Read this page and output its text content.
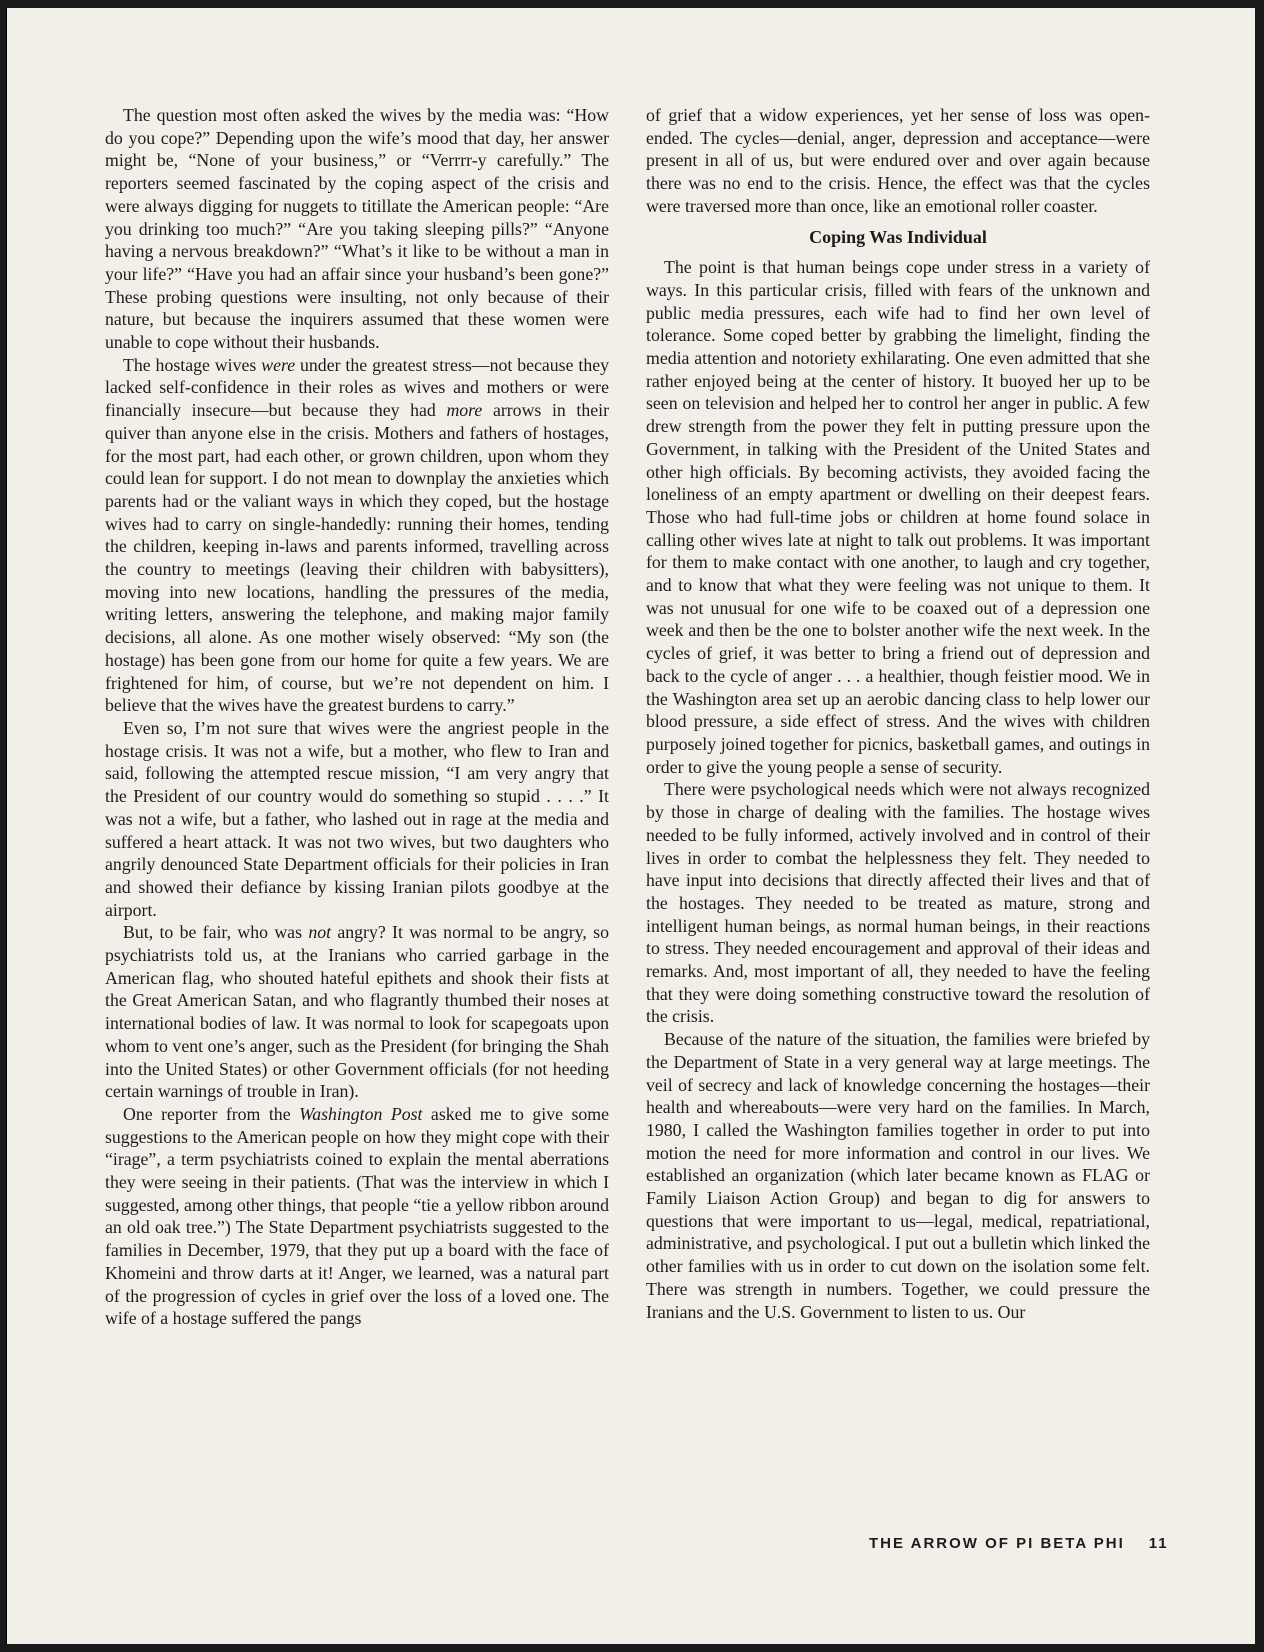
The question most often asked the wives by the media was: “How do you cope?” Depending upon the wife’s mood that day, her answer might be, “None of your business,” or “Verrrr-y carefully.” The reporters seemed fascinated by the coping aspect of the crisis and were always digging for nuggets to titillate the American people: “Are you drinking too much?” “Are you taking sleeping pills?” “Anyone having a nervous breakdown?” “What’s it like to be without a man in your life?” “Have you had an affair since your husband’s been gone?” These probing questions were insulting, not only because of their nature, but because the inquirers assumed that these women were unable to cope without their husbands.

The hostage wives were under the greatest stress—not because they lacked self-confidence in their roles as wives and mothers or were financially insecure—but because they had more arrows in their quiver than anyone else in the crisis. Mothers and fathers of hostages, for the most part, had each other, or grown children, upon whom they could lean for support. I do not mean to downplay the anxieties which parents had or the valiant ways in which they coped, but the hostage wives had to carry on single-handedly: running their homes, tending the children, keeping in-laws and parents informed, travelling across the country to meetings (leaving their children with babysitters), moving into new locations, handling the pressures of the media, writing letters, answering the telephone, and making major family decisions, all alone. As one mother wisely observed: “My son (the hostage) has been gone from our home for quite a few years. We are frightened for him, of course, but we’re not dependent on him. I believe that the wives have the greatest burdens to carry.”

Even so, I’m not sure that wives were the angriest people in the hostage crisis. It was not a wife, but a mother, who flew to Iran and said, following the attempted rescue mission, “I am very angry that the President of our country would do something so stupid . . . .” It was not a wife, but a father, who lashed out in rage at the media and suffered a heart attack. It was not two wives, but two daughters who angrily denounced State Department officials for their policies in Iran and showed their defiance by kissing Iranian pilots goodbye at the airport.

But, to be fair, who was not angry? It was normal to be angry, so psychiatrists told us, at the Iranians who carried garbage in the American flag, who shouted hateful epithets and shook their fists at the Great American Satan, and who flagrantly thumbed their noses at international bodies of law. It was normal to look for scapegoats upon whom to vent one’s anger, such as the President (for bringing the Shah into the United States) or other Government officials (for not heeding certain warnings of trouble in Iran).

One reporter from the Washington Post asked me to give some suggestions to the American people on how they might cope with their “irage”, a term psychiatrists coined to explain the mental aberrations they were seeing in their patients. (That was the interview in which I suggested, among other things, that people “tie a yellow ribbon around an old oak tree.”) The State Department psychiatrists suggested to the families in December, 1979, that they put up a board with the face of Khomeini and throw darts at it! Anger, we learned, was a natural part of the progression of cycles in grief over the loss of a loved one. The wife of a hostage suffered the pangs

of grief that a widow experiences, yet her sense of loss was open-ended. The cycles—denial, anger, depression and acceptance—were present in all of us, but were endured over and over again because there was no end to the crisis. Hence, the effect was that the cycles were traversed more than once, like an emotional roller coaster.

Coping Was Individual

The point is that human beings cope under stress in a variety of ways. In this particular crisis, filled with fears of the unknown and public media pressures, each wife had to find her own level of tolerance. Some coped better by grabbing the limelight, finding the media attention and notoriety exhilarating. One even admitted that she rather enjoyed being at the center of history. It buoyed her up to be seen on television and helped her to control her anger in public. A few drew strength from the power they felt in putting pressure upon the Government, in talking with the President of the United States and other high officials. By becoming activists, they avoided facing the loneliness of an empty apartment or dwelling on their deepest fears. Those who had full-time jobs or children at home found solace in calling other wives late at night to talk out problems. It was important for them to make contact with one another, to laugh and cry together, and to know that what they were feeling was not unique to them. It was not unusual for one wife to be coaxed out of a depression one week and then be the one to bolster another wife the next week. In the cycles of grief, it was better to bring a friend out of depression and back to the cycle of anger . . . a healthier, though feistier mood. We in the Washington area set up an aerobic dancing class to help lower our blood pressure, a side effect of stress. And the wives with children purposely joined together for picnics, basketball games, and outings in order to give the young people a sense of security.

There were psychological needs which were not always recognized by those in charge of dealing with the families. The hostage wives needed to be fully informed, actively involved and in control of their lives in order to combat the helplessness they felt. They needed to have input into decisions that directly affected their lives and that of the hostages. They needed to be treated as mature, strong and intelligent human beings, as normal human beings, in their reactions to stress. They needed encouragement and approval of their ideas and remarks. And, most important of all, they needed to have the feeling that they were doing something constructive toward the resolution of the crisis.

Because of the nature of the situation, the families were briefed by the Department of State in a very general way at large meetings. The veil of secrecy and lack of knowledge concerning the hostages—their health and whereabouts—were very hard on the families. In March, 1980, I called the Washington families together in order to put into motion the need for more information and control in our lives. We established an organization (which later became known as FLAG or Family Liaison Action Group) and began to dig for answers to questions that were important to us—legal, medical, repatriational, administrative, and psychological. I put out a bulletin which linked the other families with us in order to cut down on the isolation some felt. There was strength in numbers. Together, we could pressure the Iranians and the U.S. Government to listen to us. Our

THE ARROW OF PI BETA PHI 11
